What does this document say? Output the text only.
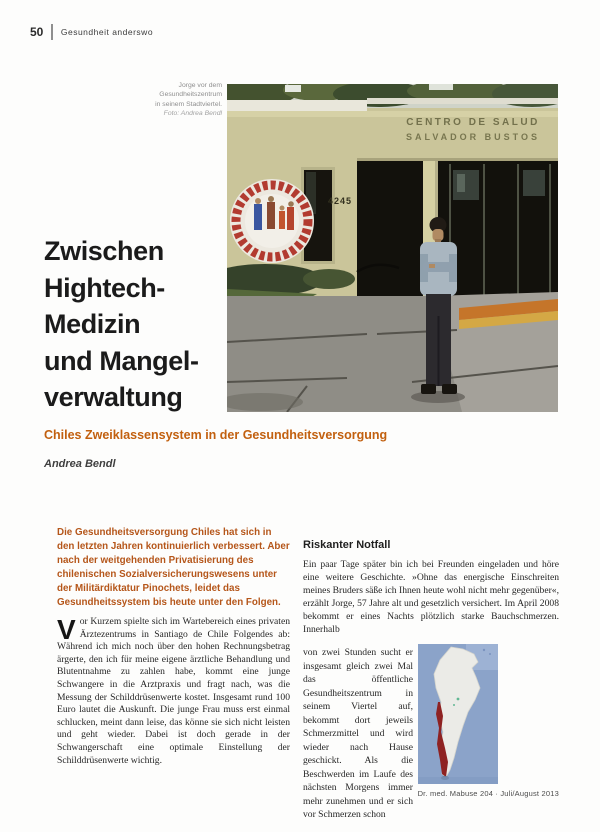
50 Gesundheit anderswo
Jorge vor dem
Gesundheitszentrum
in seinem Stadtviertel.
Foto: Andrea Bendl
CENTRO DE SALUD
SALVADOR BUSTOS
4245
Zwischen
Hightech-
Medizin
und Mangel-
verwaltung
Chiles Zweiklassensystem in der Gesundheitsversorgung
Andrea Bendl
Die Gesundheitsversorgung Chiles hat sich in den letzten Jahren kontinuierlich verbessert. Aber nach der weitgehenden Privatisierung des chilenischen Sozialversicherungswesens unter der Militärdiktatur Pinochets, leidet das Gesundheitssystem bis heute unter den Folgen.
Vor Kurzem spielte sich im Wartebereich eines privaten Ärztezentrums in Santiago de Chile Folgendes ab: Während ich mich noch über den hohen Rechnungsbetrag ärgerte, den ich für meine eigene ärztliche Behandlung und Blutentnahme zu zahlen habe, kommt eine junge Schwangere in die Arztpraxis und fragt nach, was die Messung der Schilddrüsenwerte kostet. Insgesamt rund 100 Euro lautet die Auskunft. Die junge Frau muss erst einmal schlucken, meint dann leise, das könne sie sich nicht leisten und geht wieder. Dabei ist doch gerade in der Schwangerschaft eine optimale Einstellung der Schilddrüsenwerte wichtig.
Riskanter Notfall
Ein paar Tage später bin ich bei Freunden eingeladen und höre eine weitere Geschichte. »Ohne das energische Einschreiten meines Bruders säße ich Ihnen heute wohl nicht mehr gegenüber«, erzählt Jorge, 57 Jahre alt und gesetzlich versichert. Im April 2008 bekommt er eines Nachts plötzlich starke Bauchschmerzen. Innerhalb
von zwei Stunden sucht er insgesamt gleich zwei Mal das öffentliche Gesundheitszentrum in seinem Viertel auf, bekommt dort jeweils Schmerzmittel und wird wieder nach Hause geschickt. Als die Beschwerden im Laufe des nächsten Morgens immer mehr zunehmen und er sich vor Schmerzen schon
Dr. med. Mabuse 204 · Juli/August 2013
